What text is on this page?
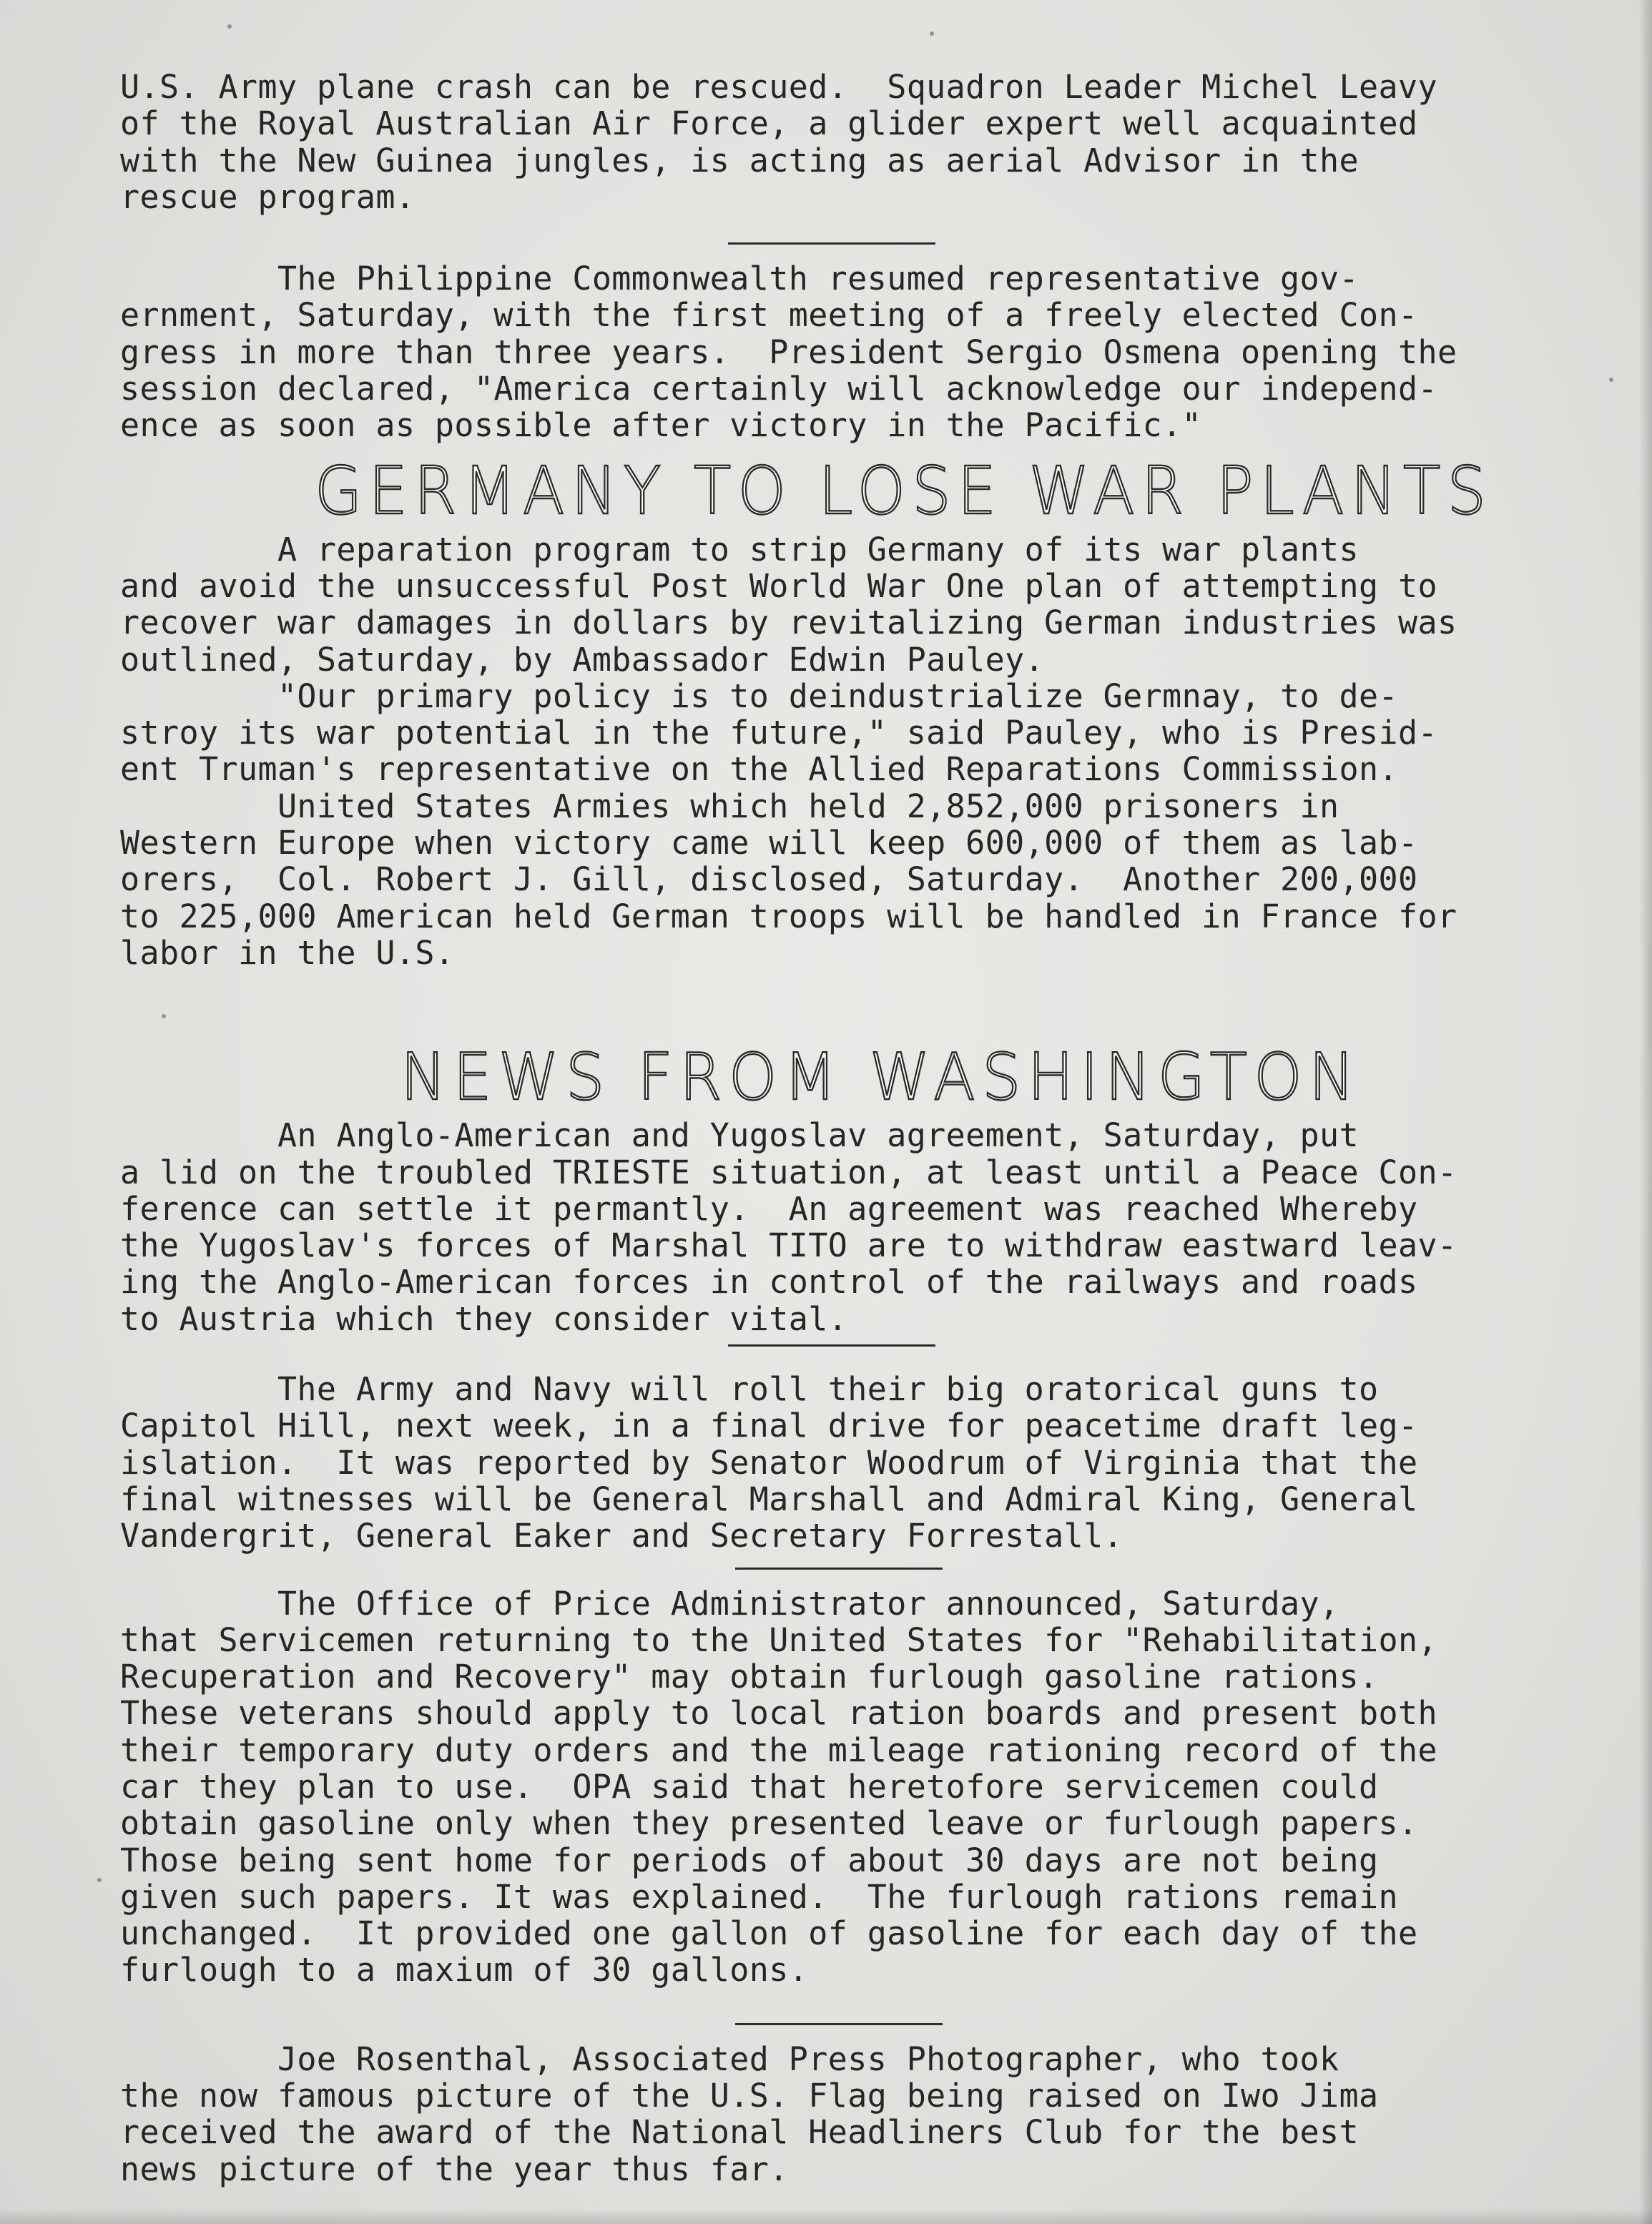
U.S. Army plane crash can be rescued.  Squadron Leader Michel Leavy
of the Royal Australian Air Force, a glider expert well acquainted
with the New Guinea jungles, is acting as aerial Advisor in the
rescue program.

The Philippine Commonwealth resumed representative gov-
ernment, Saturday, with the first meeting of a freely elected Con-
gress in more than three years.  President Sergio Osmena opening the
session declared, "America certainly will acknowledge our independ-
ence as soon as possible after victory in the Pacific."

GERMANY TO LOSE WAR PLANTS

A reparation program to strip Germany of its war plants
and avoid the unsuccessful Post World War One plan of attempting to
recover war damages in dollars by revitalizing German industries was
outlined, Saturday, by Ambassador Edwin Pauley.
"Our primary policy is to deindustrialize Germnay, to de-
stroy its war potential in the future," said Pauley, who is Presid-
ent Truman's representative on the Allied Reparations Commission.
United States Armies which held 2,852,000 prisoners in
Western Europe when victory came will keep 600,000 of them as lab-
orers,  Col. Robert J. Gill, disclosed, Saturday.  Another 200,000
to 225,000 American held German troops will be handled in France for
labor in the U.S.

NEWS FROM WASHINGTON

An Anglo-American and Yugoslav agreement, Saturday, put
a lid on the troubled TRIESTE situation, at least until a Peace Con-
ference can settle it permantly.  An agreement was reached Whereby
the Yugoslav's forces of Marshal TITO are to withdraw eastward leav-
ing the Anglo-American forces in control of the railways and roads
to Austria which they consider vital.

The Army and Navy will roll their big oratorical guns to
Capitol Hill, next week, in a final drive for peacetime draft leg-
islation.  It was reported by Senator Woodrum of Virginia that the
final witnesses will be General Marshall and Admiral King, General
Vandergrit, General Eaker and Secretary Forrestall.

The Office of Price Administrator announced, Saturday,
that Servicemen returning to the United States for "Rehabilitation,
Recuperation and Recovery" may obtain furlough gasoline rations.
These veterans should apply to local ration boards and present both
their temporary duty orders and the mileage rationing record of the
car they plan to use.  OPA said that heretofore servicemen could
obtain gasoline only when they presented leave or furlough papers.
Those being sent home for periods of about 30 days are not being
given such papers. It was explained.  The furlough rations remain
unchanged.  It provided one gallon of gasoline for each day of the
furlough to a maxium of 30 gallons.

Joe Rosenthal, Associated Press Photographer, who took
the now famous picture of the U.S. Flag being raised on Iwo Jima
received the award of the National Headliners Club for the best
news picture of the year thus far.
